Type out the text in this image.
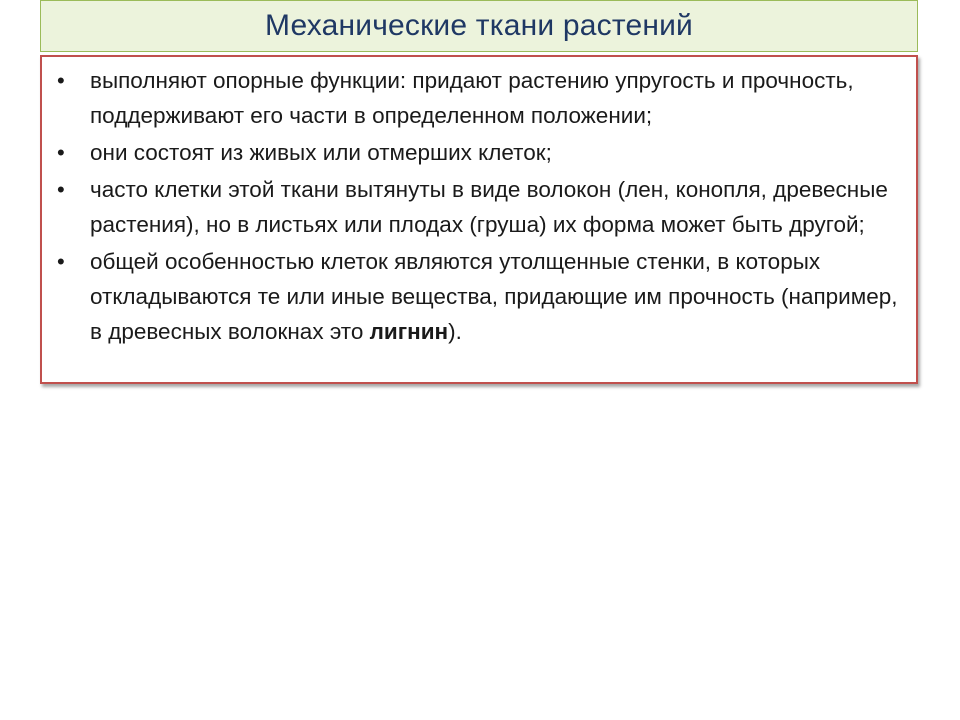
Механические ткани растений
• выполняют опорные функции: придают растению упругость и прочность, поддерживают его части в определенном положении;
• они состоят из живых или отмерших клеток;
• часто клетки этой ткани вытянуты в виде волокон (лен, конопля, древесные растения), но в листьях или плодах (груша) их форма может быть другой;
• общей особенностью клеток являются утолщенные стенки, в которых откладываются те или иные вещества, придающие им прочность (например, в древесных волокнах это лигнин).
